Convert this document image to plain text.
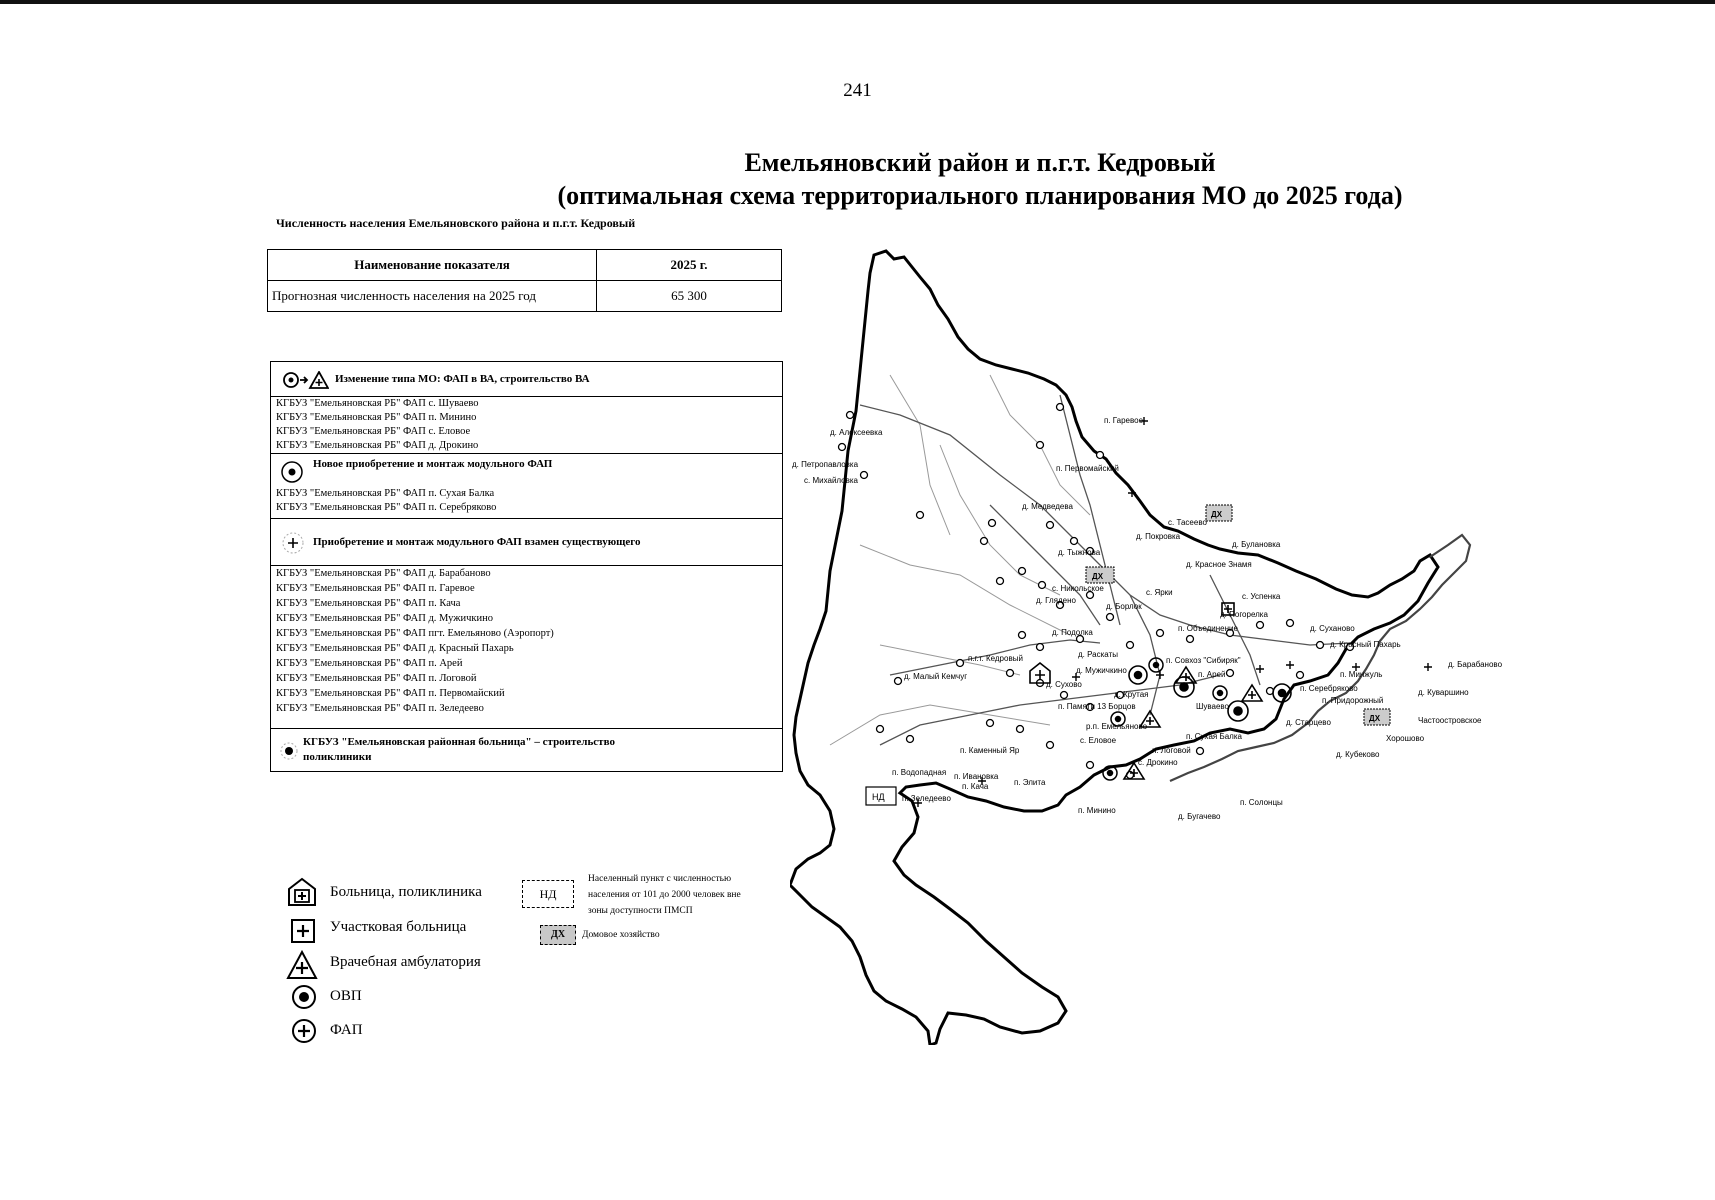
241
Емельяновский район и п.г.т. Кедровый
(оптимальная схема территориального планирования МО до 2025 года)
Численность населения Емельяновского района и п.г.т. Кедровый
Наименование показателя	2025 г.
Прогнозная численность населения на 2025 год	65 300
Изменение типа МО: ФАП в ВА, строительство ВА
КГБУЗ "Емельяновская РБ" ФАП с. Шуваево
КГБУЗ "Емельяновская РБ" ФАП п. Минино
КГБУЗ "Емельяновская РБ" ФАП с. Еловое
КГБУЗ "Емельяновская РБ" ФАП д. Дрокино
Новое приобретение и монтаж модульного ФАП
КГБУЗ "Емельяновская РБ" ФАП п. Сухая Балка
КГБУЗ "Емельяновская РБ" ФАП п. Серебряково
Приобретение и монтаж модульного ФАП взамен существующего
КГБУЗ "Емельяновская РБ" ФАП д. Барабаново
КГБУЗ "Емельяновская РБ" ФАП п. Гаревое
КГБУЗ "Емельяновская РБ" ФАП п. Кача
КГБУЗ "Емельяновская РБ" ФАП д. Мужичкино
КГБУЗ "Емельяновская РБ" ФАП пгт. Емельяново (Аэропорт)
КГБУЗ "Емельяновская РБ" ФАП д. Красный Пахарь
КГБУЗ "Емельяновская РБ" ФАП п. Арей
КГБУЗ "Емельяновская РБ" ФАП п. Логовой
КГБУЗ "Емельяновская РБ" ФАП п. Первомайский
КГБУЗ "Емельяновская РБ" ФАП п. Зеледеево
КГБУЗ "Емельяновская районная больница" – строительство
поликлиники
д. Алексеевка
д. Петропавловка
с. Михайловка
п. Гаревое
п. Первомайский
д. Медведева
с. Тасеево
д. Покровка
д. Булановка
д. Тыжнова
д. Красное Знамя
с. Никольское
д. Глядено
с. Ярки
д. Борлок
с. Успенка
д. Погорелка
д. Подолка	п. Объединение
д. Раскаты
д. Суханово
д. Красный Пахарь
п.г.т. Кедровый
д. Малый Кемчуг
д. Мужичкино
п. Совхоз "Сибиряк"
д. Сухово
п. Арей
д. Крутая
п. Памяти 13 Борцов	Шуваево
п. Минжуль
п. Серебряково
д. Барабаново
д. Куваршино
Частоостровское
п. Придорожный
р.п. Емельяново	д. Старцево
Хорошово
с. Еловое	п. Сухая Балка
д. Кубеково
п. Логовой
с. Дрокино
п. Каменный Яр
п. Водопадная
п. Кача
п. Ивановка
п. Зеледеево
п. Элита
п. Минино
п. Солонцы
д. Бугачево
НД
ДХ
ДХ
ДХ
Больница, поликлиника
Участковая больница
Врачебная амбулатория
ОВП
ФАП
НД
Населенный пункт с численностью
населения от 101 до 2000 человек вне
зоны доступности ПМСП
ДХ	Домовое хозяйство
